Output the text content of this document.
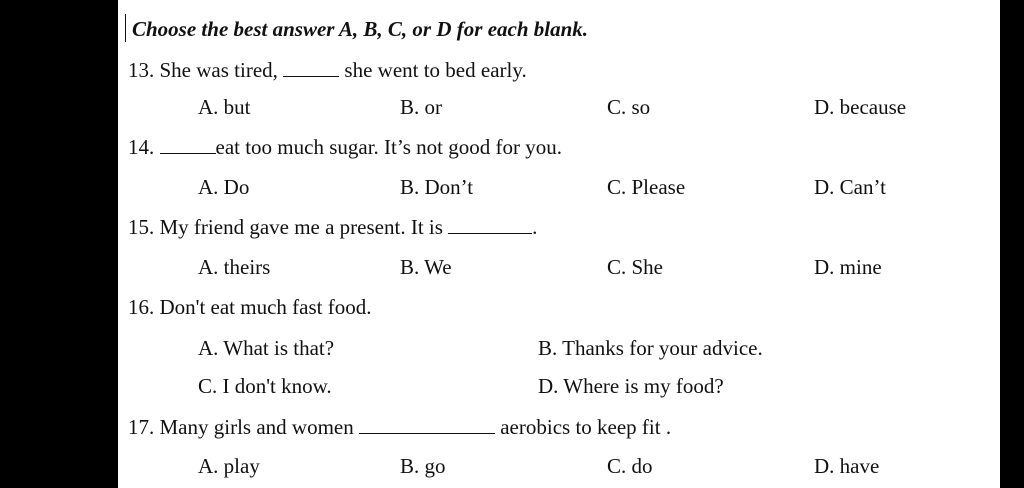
Choose the best answer A, B, C, or D for each blank.
13. She was tired,	she went to bed early.
A. but	B. or	C. so	D. because
14.	eat too much sugar. It’s not good for you.
A. Do	B. Don’t	C. Please	D. Can’t
15. My friend gave me a present. It is	.
A. theirs	B. We	C. She	D. mine
16. Don't eat much fast food.
A. What is that?	B. Thanks for your advice.
C. I don't know.	D. Where is my food?
17. Many girls and women	aerobics to keep fit .
A. play	B. go	C. do	D. have
